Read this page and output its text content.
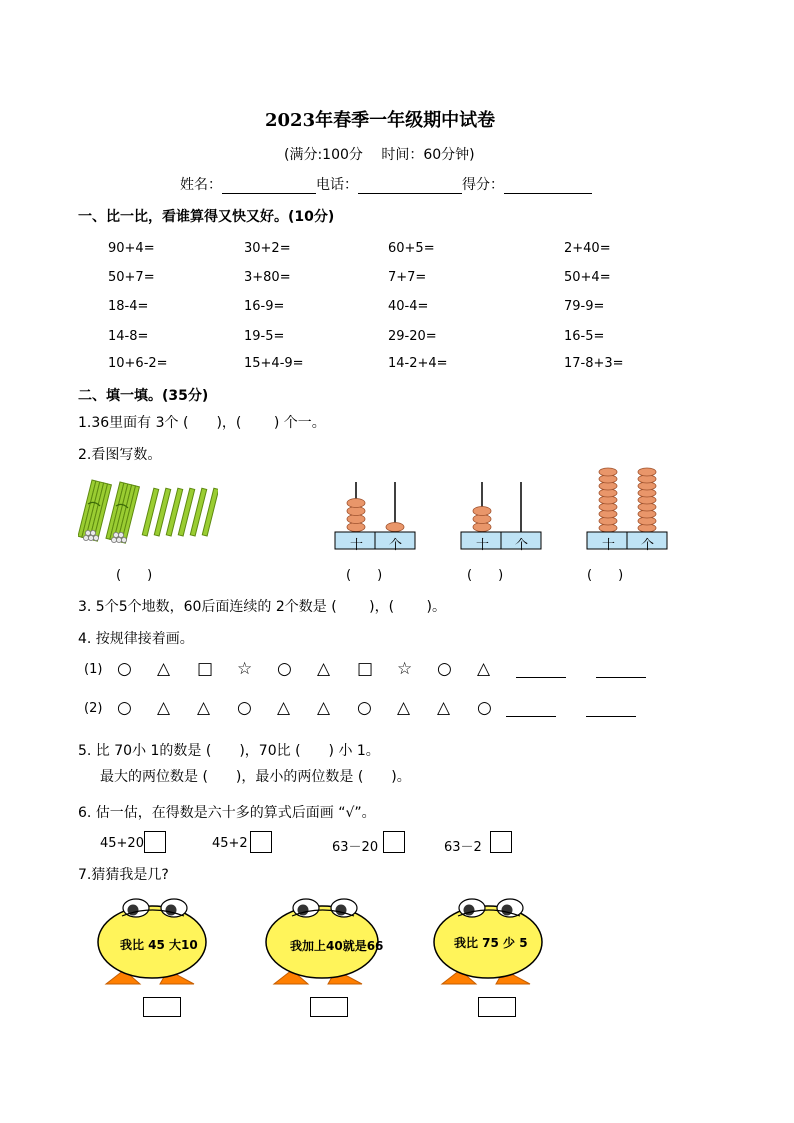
2023年春季一年级期中试卷
(满分:100分　 时间：60分钟)
姓名：	电话：	得分：
一、比一比，看谁算得又快又好。(10分)
90+4=	30+2=	60+5=	2+40=
50+7=	3+80=	7+7=	50+4=
18-4=	16-9=	40-4=	79-9=
14-8=	19-5=	29-20=	16-5=
10+6-2=	15+4-9=	14-2+4=	17-8+3=
二、填一填。(35分)
1.36里面有 3个 (　　)，(　　 ) 个一。
2.看图写数。
十 个	十 个	十 个
(　　)	(　　)	(　　)	(　　)
3. 5个5个地数，60后面连续的 2个数是 (　　 )，(　　 )。
4. 按规律接着画。
(1) ○ △ □ ☆ ○ △ □ ☆ ○ △
(2) ○ △ △ ○ △ △ ○ △ △ ○
5. 比 70小 1的数是 (　　)，70比 (　　) 小 1。
最大的两位数是 (　　)，最小的两位数是 (　　)。
6. 估一估，在得数是六十多的算式后面画 “√”。
45+20	45+2	63－20	63－2
7.猜猜我是几?
我比 45 大10	我加上40就是66	我比 75 少 5
